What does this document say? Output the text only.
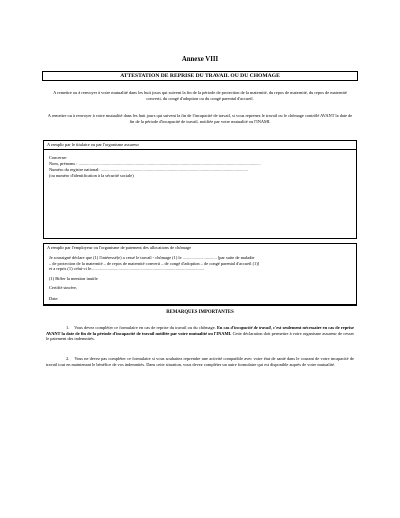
Annexe VIII
ATTESTATION DE REPRISE DU TRAVAIL OU DU CHOMAGE
A remettre ou à renvoyer à votre mutualité dans les huit jours qui suivent la fin de la période de protection de la maternité, du repos de maternité, du repos de maternité converti, du congé d'adoption ou du congé parental d'accueil.
A remettre ou à renvoyer à votre mutualité dans les huit jours qui suivent la fin de l'incapacité de travail, si vous reprenez le travail ou le chômage contrôlé AVANT la date de fin de la période d'incapacité de travail, notifiée par votre mutualité ou l'INAMI.
A remplir par le titulaire ou par l'organisme assureur
Concerne:
Nom, prénoms : ......................................................................................................................................................................
Numéro du registre national: ......................................................................................................................................
(ou numéro d'identification à la sécurité sociale)
A remplir par l'employeur ou l'organisme de paiement des allocations de chômage
Je soussigné déclare que (1) l'intéressé(e) a cessé le travail - chômage (1) le ............................... [par suite de maladie
– de protection de la maternité – de repos de maternité converti – de congé d'adoption – de congé parental d'accueil (1)]
et a repris (1) celui-ci le.......................................................................................................
(1) Biffer la mention inutile
Certifié sincère,
Date:
REMARQUES IMPORTANTES
1. Vous devez compléter ce formulaire en cas de reprise du travail ou du chômage. En cas d'incapacité de travail, c'est seulement nécessaire en cas de reprise AVANT la date de fin de la période d'incapacité de travail notifiée par votre mutualité ou l'INAMI. Cette déclaration doit permettre à votre organisme assureur de cesser le paiement des indemnités.
2. Vous ne devez pas compléter ce formulaire si vous souhaitez reprendre une activité compatible avec votre état de santé dans le courant de votre incapacité de travail tout en maintenant le bénéfice de vos indemnités. Dans cette situation, vous devez compléter un autre formulaire qui est disponible auprès de votre mutualité.
